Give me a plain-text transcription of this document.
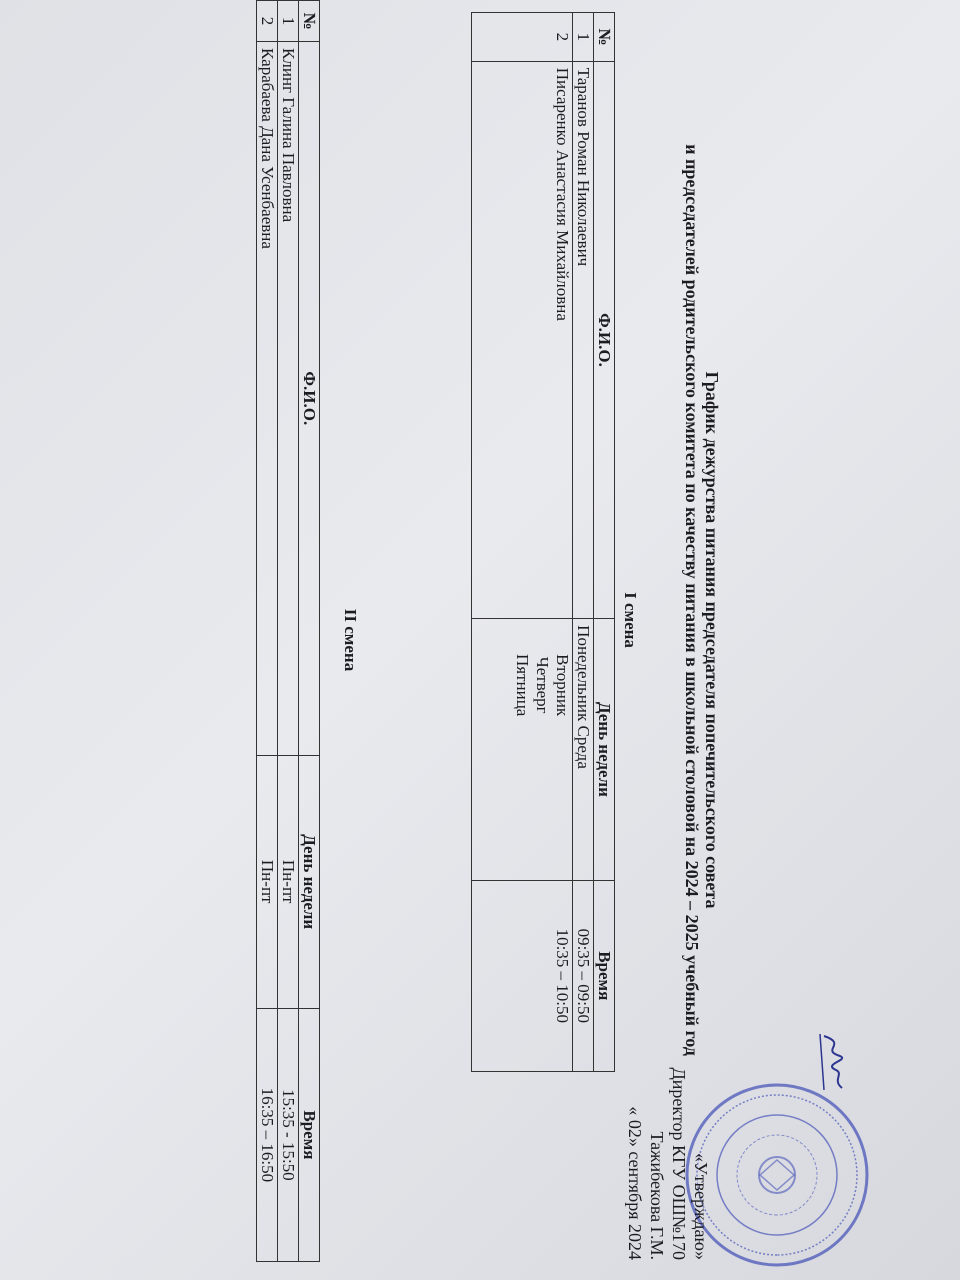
«Утверждаю»
Директор КГУ ОШ№170
Тажибекова Г.М.
« 02» сентября 2024
График дежурства питания председателя попечительского совета
и председателей родительского комитета по качеству питания в школьной столовой на 2024 – 2025 учебный год
I смена
№	Ф.И.О.	День недели	Время
1	Таранов Роман Николаевич	Понедельник Среда	09:35 – 09:50
2	Писаренко Анастасия Михайловна	Вторник
Четверг
Пятница	10:35 – 10:50
II смена
№	Ф.И.О.	День недели	Время
1	Клинг Галина Павловна	Пн-пт	15:35 - 15:50
2	Карабаева Дана Усенбаевна	Пн-пт	16:35 – 16:50
